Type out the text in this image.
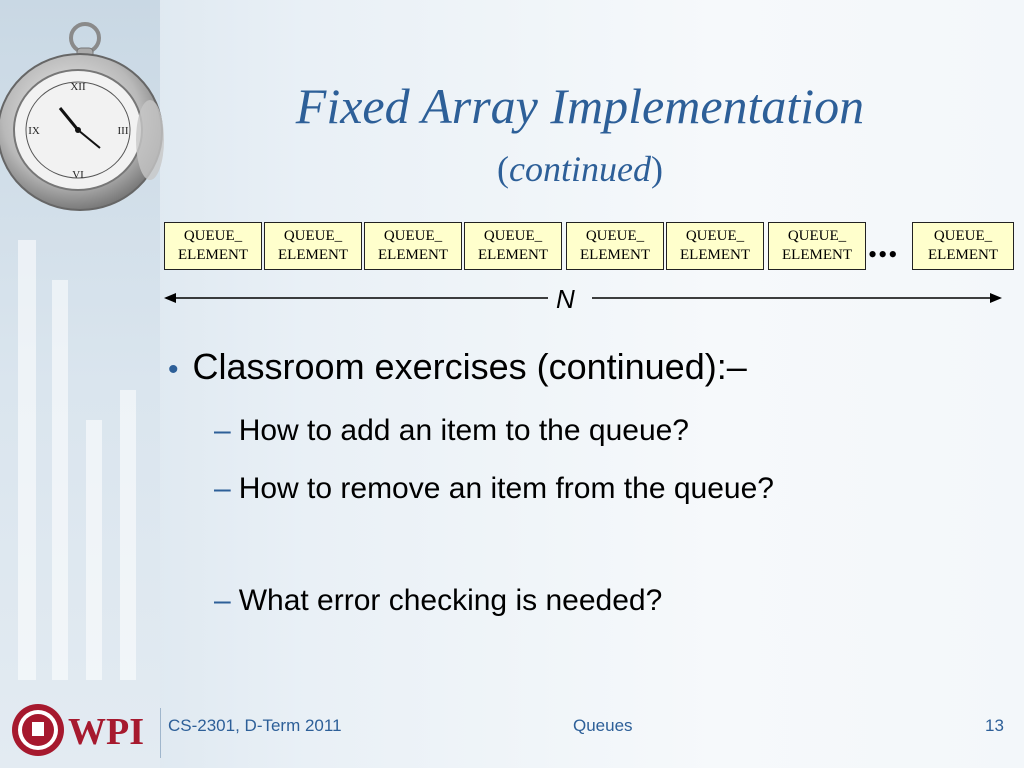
XII
III
VI
IX	Fixed Array Implementation
(continued)
QUEUE_
ELEMENT
QUEUE_
ELEMENT
QUEUE_
ELEMENT
QUEUE_
ELEMENT
QUEUE_
ELEMENT
QUEUE_
ELEMENT
QUEUE_
ELEMENT •••
QUEUE_
ELEMENT
N
• Classroom exercises (continued):–
– How to add an item to the queue?
– How to remove an item from the queue?
– What error checking is needed?
WPI CS-2301, D-Term 2011	Queues	13
